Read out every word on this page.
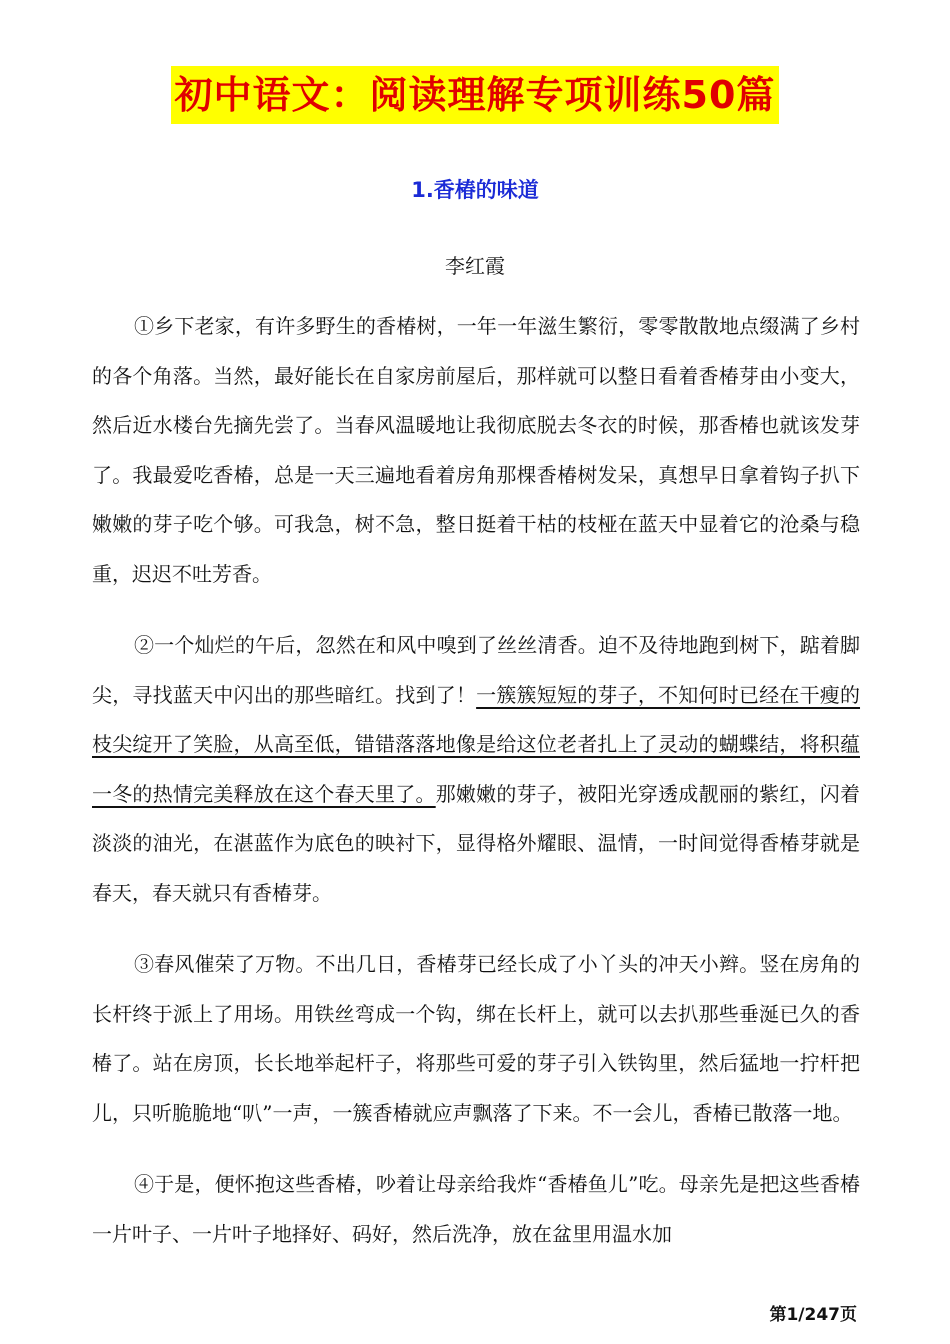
初中语文：阅读理解专项训练50篇
1.香椿的味道
李红霞

①乡下老家，有许多野生的香椿树，一年一年滋生繁衍，零零散散地点缀满了乡村的各个角落。当然，最好能长在自家房前屋后，那样就可以整日看着香椿芽由小变大，然后近水楼台先摘先尝了。当春风温暖地让我彻底脱去冬衣的时候，那香椿也就该发芽了。我最爱吃香椿，总是一天三遍地看着房角那棵香椿树发呆，真想早日拿着钩子扒下嫩嫩的芽子吃个够。可我急，树不急，整日挺着干枯的枝桠在蓝天中显着它的沧桑与稳重，迟迟不吐芳香。

②一个灿烂的午后，忽然在和风中嗅到了丝丝清香。迫不及待地跑到树下，踮着脚尖，寻找蓝天中闪出的那些暗红。找到了！一簇簇短短的芽子，不知何时已经在干瘦的枝尖绽开了笑脸，从高至低，错错落落地像是给这位老者扎上了灵动的蝴蝶结，将积蕴一冬的热情完美释放在这个春天里了。那嫩嫩的芽子，被阳光穿透成靓丽的紫红，闪着淡淡的油光，在湛蓝作为底色的映衬下，显得格外耀眼、温情，一时间觉得香椿芽就是春天，春天就只有香椿芽。

③春风催荣了万物。不出几日，香椿芽已经长成了小丫头的冲天小辫。竖在房角的长杆终于派上了用场。用铁丝弯成一个钩，绑在长杆上，就可以去扒那些垂涎已久的香椿了。站在房顶，长长地举起杆子，将那些可爱的芽子引入铁钩里，然后猛地一拧杆把儿，只听脆脆地“叭”一声，一簇香椿就应声飘落了下来。不一会儿，香椿已散落一地。

④于是，便怀抱这些香椿，吵着让母亲给我炸“香椿鱼儿”吃。母亲先是把这些香椿一片叶子、一片叶子地择好、码好，然后洗净，放在盆里用温水加

第1/247页
